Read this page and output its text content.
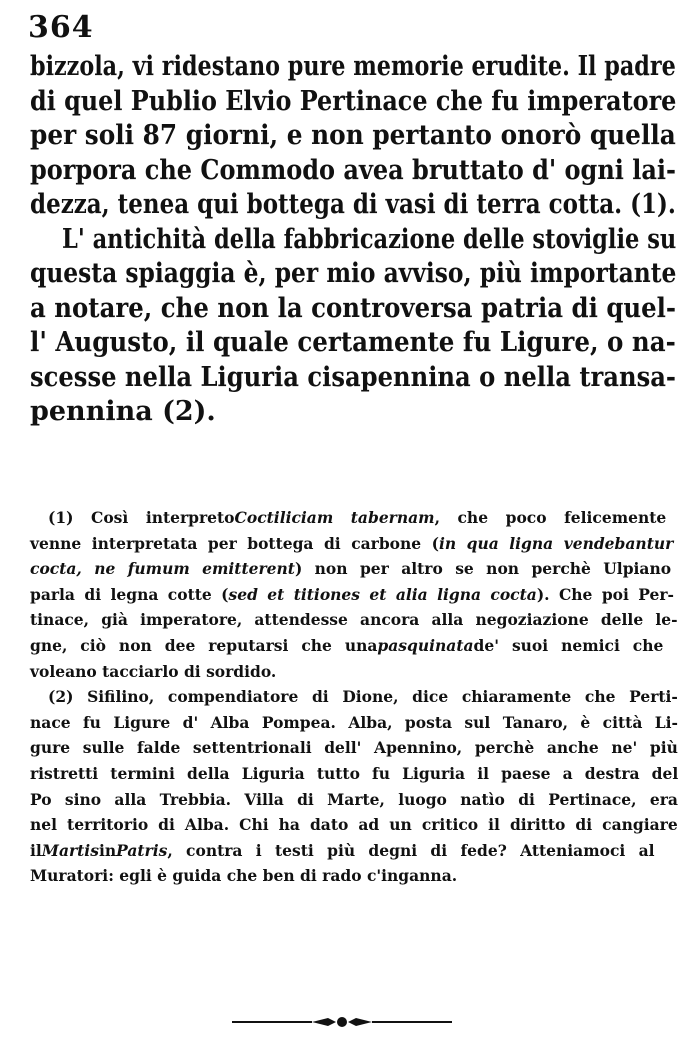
364
bizzola, vi ridestano pure memorie erudite. Il padre
di quel Publio Elvio Pertinace che fu imperatore
per soli 87 giorni, e non pertanto onorò quella
porpora che Commodo avea bruttato d' ogni lai-
dezza, tenea qui bottega di vasi di terra cotta. (1).
L' antichità della fabbricazione delle stoviglie su
questa spiaggia è, per mio avviso, più importante
a notare, che non la controversa patria di quel-
l' Augusto, il quale certamente fu Ligure, o na-
scesse nella Liguria cisapennina o nella transa-
pennina (2).
(1) Così interpretoCoctiliciam tabernam, che poco felicemente
venne interpretata per bottega di carbone (in qua ligna vendebantur
cocta, ne fumum emitterent) non per altro se non perchè Ulpiano
parla di legna cotte (sed et titiones et alia ligna cocta). Che poi Per-
tinace, già imperatore, attendesse ancora alla negoziazione delle le-
gne, ciò non dee reputarsi che unapasquinatade' suoi nemici che
voleano tacciarlo di sordido.
(2) Sifilino, compendiatore di Dione, dice chiaramente che Perti-
nace fu Ligure d' Alba Pompea. Alba, posta sul Tanaro, è città Li-
gure sulle falde settentrionali dell' Apennino, perchè anche ne' più
ristretti termini della Liguria tutto fu Liguria il paese a destra del
Po sino alla Trebbia. Villa di Marte, luogo natìo di Pertinace, era
nel territorio di Alba. Chi ha dato ad un critico il diritto di cangiare
ilMartisinPatris, contra i testi più degni di fede? Atteniamoci al
Muratori: egli è guida che ben di rado c'inganna.
